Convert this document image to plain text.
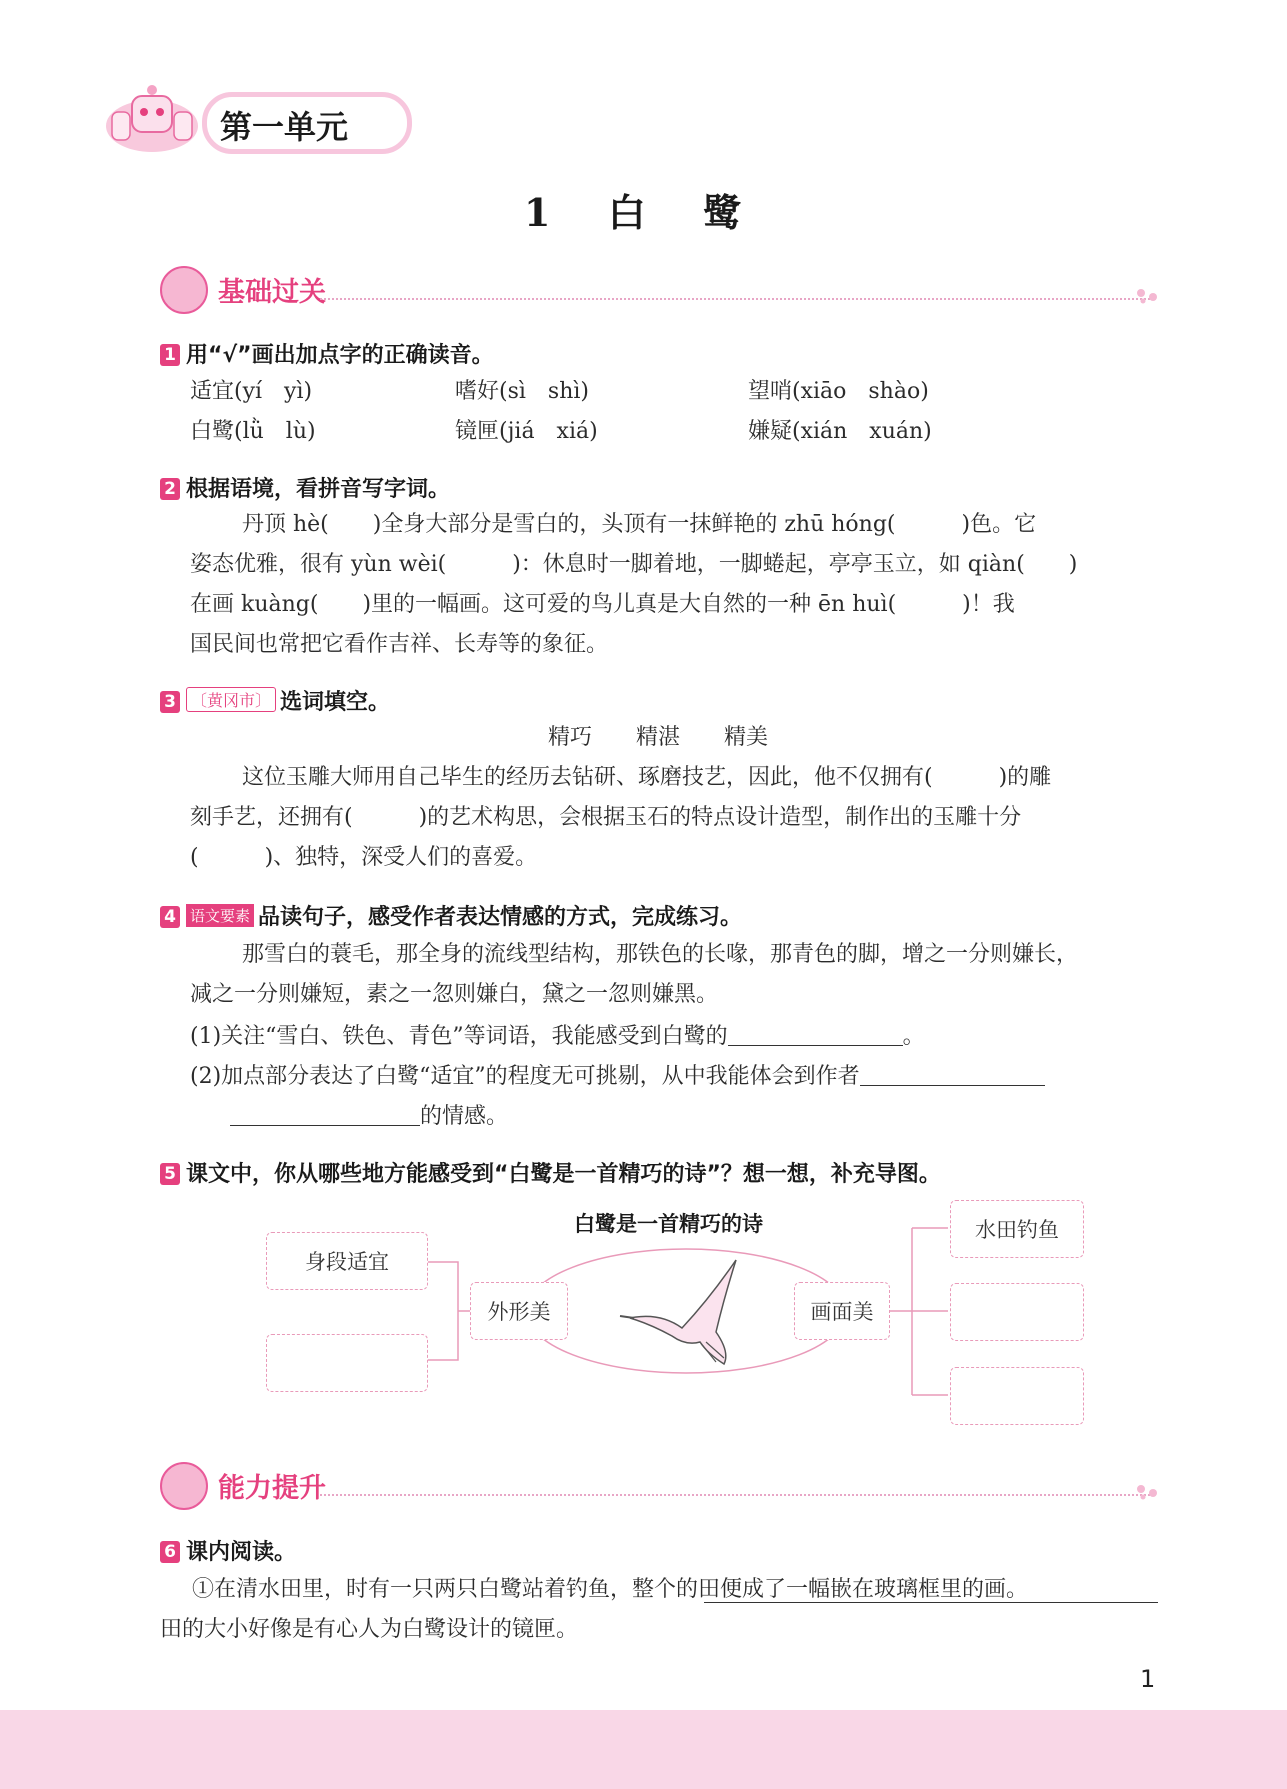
第一单元
1 白 鹭
基础过关
1 用“√”画出加点字的正确读音。
适宜(yí　yì)	嗜好(sì　shì)	望哨(xiāo　shào)
白鹭(lǜ　lù)	镜匣(jiá　xiá)	嫌疑(xián　xuán)
2 根据语境，看拼音写字词。
丹顶 hè(　　)全身大部分是雪白的，头顶有一抹鲜艳的 zhū hóng(　　　)色。它
姿态优雅，很有 yùn wèi(　　　)：休息时一脚着地，一脚蜷起，亭亭玉立，如 qiàn(　　)
在画 kuàng(　　)里的一幅画。这可爱的鸟儿真是大自然的一种 ēn huì(　　　)！我
国民间也常把它看作吉祥、长寿等的象征。
3 〔黄冈市〕 选词填空。
精巧　　精湛　　精美
这位玉雕大师用自己毕生的经历去钻研、琢磨技艺，因此，他不仅拥有(　　　)的雕
刻手艺，还拥有(　　　)的艺术构思，会根据玉石的特点设计造型，制作出的玉雕十分
(　　　)、独特，深受人们的喜爱。
4 语文要素 品读句子，感受作者表达情感的方式，完成练习。
那雪白的蓑毛，那全身的流线型结构，那铁色的长喙，那青色的脚，增之一分则嫌长，
减之一分则嫌短，素之一忽则嫌白，黛之一忽则嫌黑。
(1)关注“雪白、铁色、青色”等词语，我能感受到白鹭的	。
(2)加点部分表达了白鹭“适宜”的程度无可挑剔，从中我能体会到作者
的情感。
5 课文中，你从哪些地方能感受到“白鹭是一首精巧的诗”？想一想，补充导图。
白鹭是一首精巧的诗
身段适宜
外形美	画面美
水田钓鱼
能力提升
6 课内阅读。
①在清水田里，时有一只两只白鹭站着钓鱼，整个的田便成了一幅嵌在玻璃框里的画。
田的大小好像是有心人为白鹭设计的镜匣。
1
